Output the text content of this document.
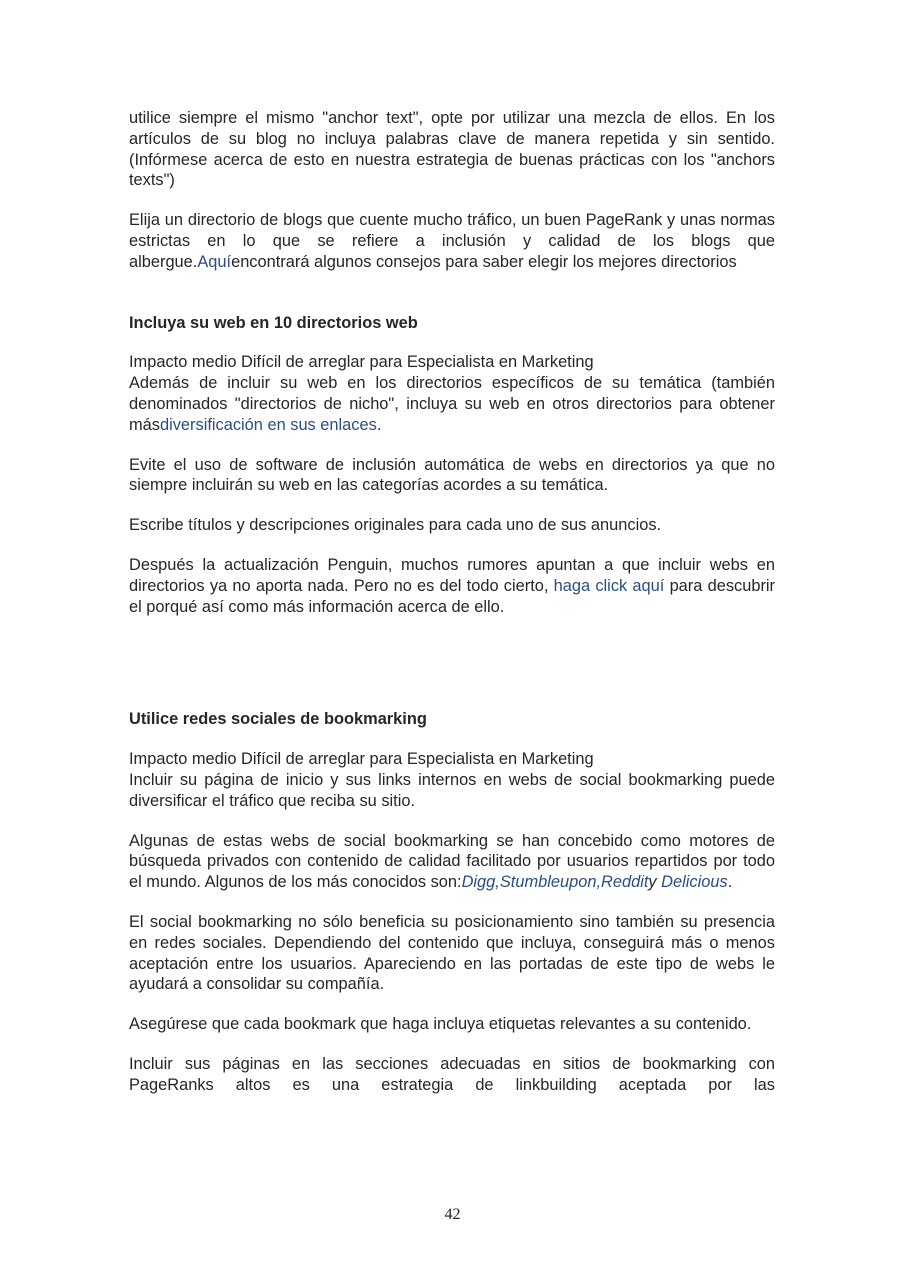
utilice siempre el mismo "anchor text", opte por utilizar una mezcla de ellos. En los artículos de su blog no incluya palabras clave de manera repetida y sin sentido. (Infórmese acerca de esto en nuestra estrategia de buenas prácticas con los "anchors texts")

Elija un directorio de blogs que cuente mucho tráfico, un buen PageRank y unas normas estrictas en lo que se refiere a inclusión y calidad de los blogs que albergue.Aquíencontrará algunos consejos para saber elegir los mejores directorios

Incluya su web en 10 directorios web

Impacto medio Difícil de arreglar para Especialista en Marketing

Además de incluir su web en los directorios específicos de su temática (también denominados "directorios de nicho", incluya su web en otros directorios para obtener másdiversificación en sus enlaces.

Evite el uso de software de inclusión automática de webs en directorios ya que no siempre incluirán su web en las categorías acordes a su temática.

Escribe títulos y descripciones originales para cada uno de sus anuncios.

Después la actualización Penguin, muchos rumores apuntan a que incluir webs en directorios ya no aporta nada. Pero no es del todo cierto, haga click aquí para descubrir el porqué así como más información acerca de ello.

Utilice redes sociales de bookmarking

Impacto medio Difícil de arreglar para Especialista en Marketing

Incluir su página de inicio y sus links internos en webs de social bookmarking puede diversificar el tráfico que reciba su sitio.

Algunas de estas webs de social bookmarking se han concebido como motores de búsqueda privados con contenido de calidad facilitado por usuarios repartidos por todo el mundo. Algunos de los más conocidos son:Digg,Stumbleupon,Reddity Delicious.

El social bookmarking no sólo beneficia su posicionamiento sino también su presencia en redes sociales. Dependiendo del contenido que incluya, conseguirá más o menos aceptación entre los usuarios. Apareciendo en las portadas de este tipo de webs le ayudará a consolidar su compañía.

Asegúrese que cada bookmark que haga incluya etiquetas relevantes a su contenido.

Incluir sus páginas en las secciones adecuadas en sitios de bookmarking con PageRanks altos es una estrategia de linkbuilding aceptada por las

42
